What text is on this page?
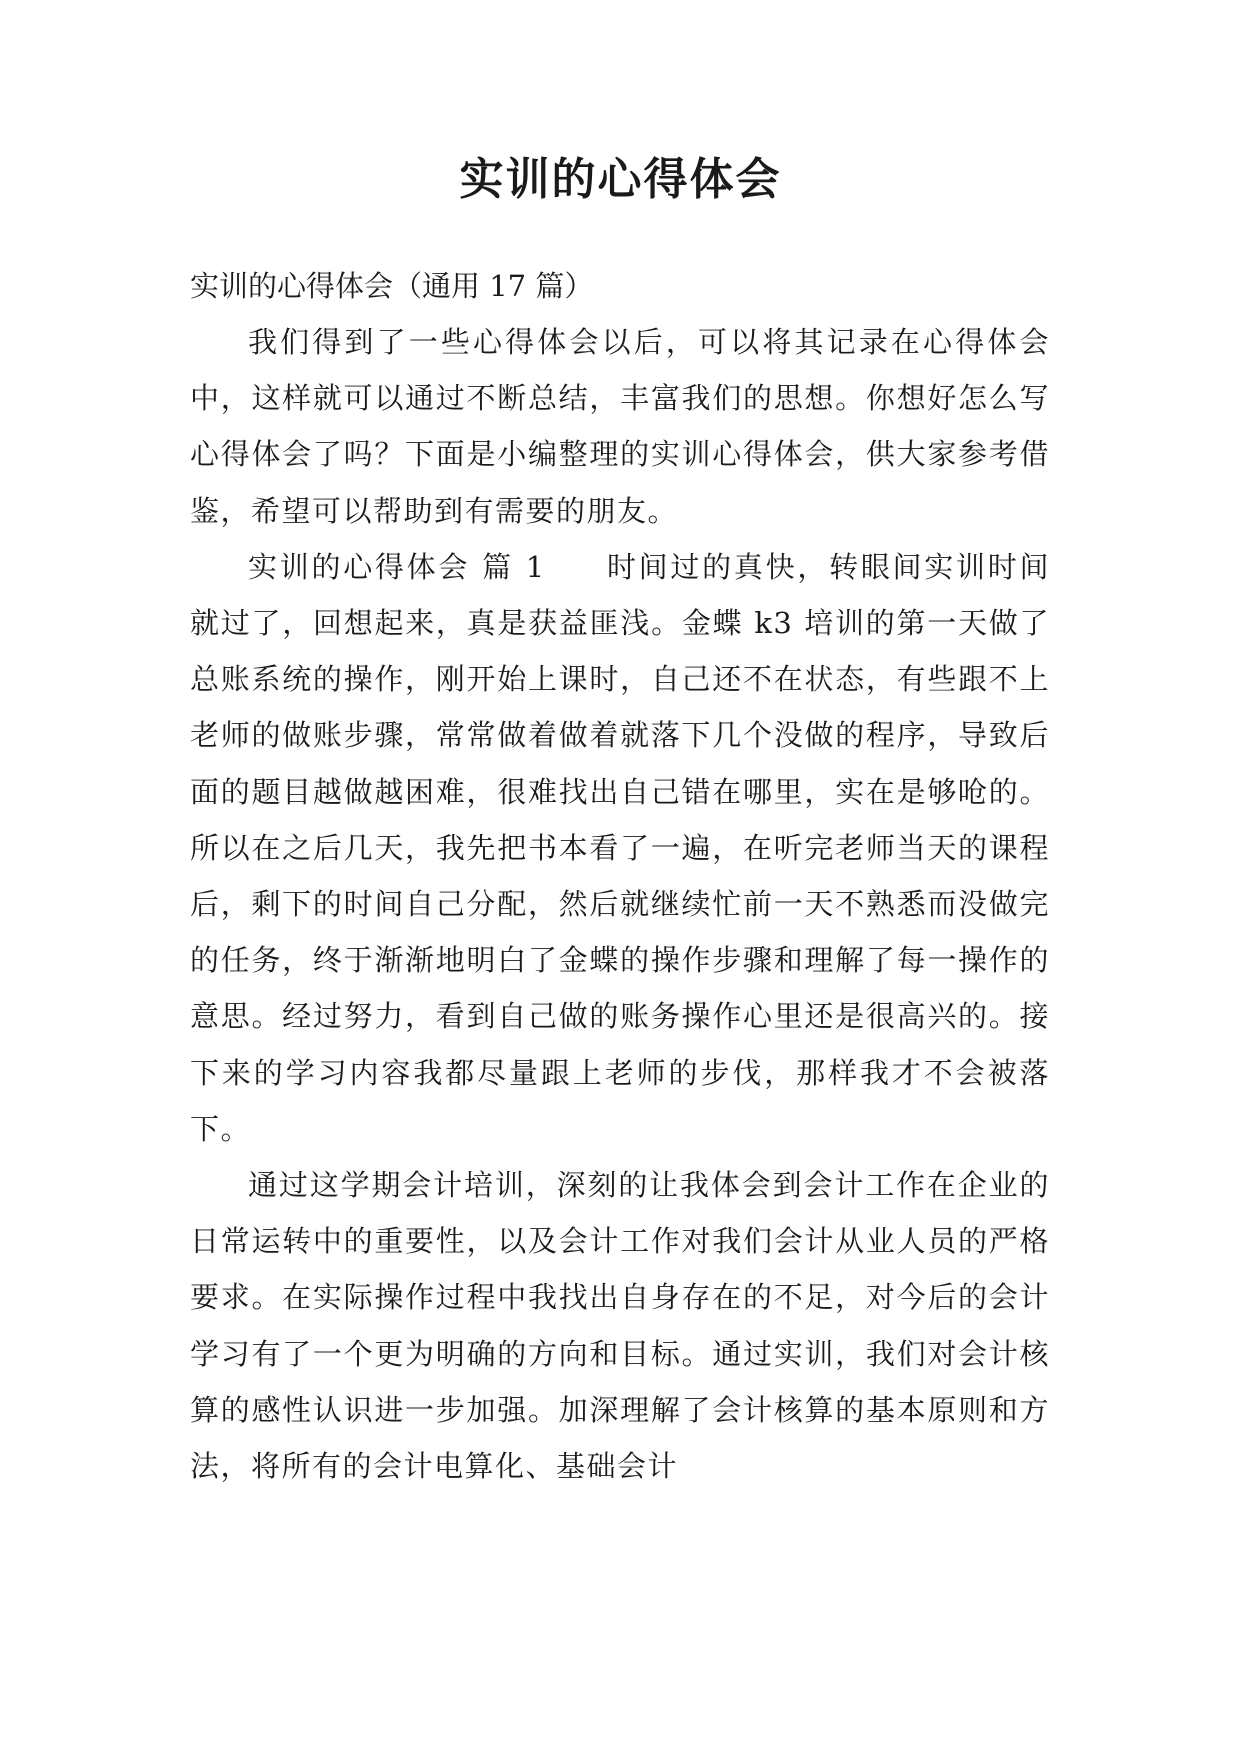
实训的心得体会

实训的心得体会（通用 17 篇）

我们得到了一些心得体会以后，可以将其记录在心得体会中，这样就可以通过不断总结，丰富我们的思想。你想好怎么写心得体会了吗？下面是小编整理的实训心得体会，供大家参考借鉴，希望可以帮助到有需要的朋友。

实训的心得体会 篇 1 时间过的真快，转眼间实训时间就过了，回想起来，真是获益匪浅。金蝶 k3 培训的第一天做了总账系统的操作，刚开始上课时，自己还不在状态，有些跟不上老师的做账步骤，常常做着做着就落下几个没做的程序，导致后面的题目越做越困难，很难找出自己错在哪里，实在是够呛的。所以在之后几天，我先把书本看了一遍，在听完老师当天的课程后，剩下的时间自己分配，然后就继续忙前一天不熟悉而没做完的任务，终于渐渐地明白了金蝶的操作步骤和理解了每一操作的意思。经过努力，看到自己做的账务操作心里还是很高兴的。接下来的学习内容我都尽量跟上老师的步伐，那样我才不会被落下。

通过这学期会计培训，深刻的让我体会到会计工作在企业的日常运转中的重要性，以及会计工作对我们会计从业人员的严格要求。在实际操作过程中我找出自身存在的不足，对今后的会计学习有了一个更为明确的方向和目标。通过实训，我们对会计核算的感性认识进一步加强。加深理解了会计核算的基本原则和方法，将所有的会计电算化、基础会计
